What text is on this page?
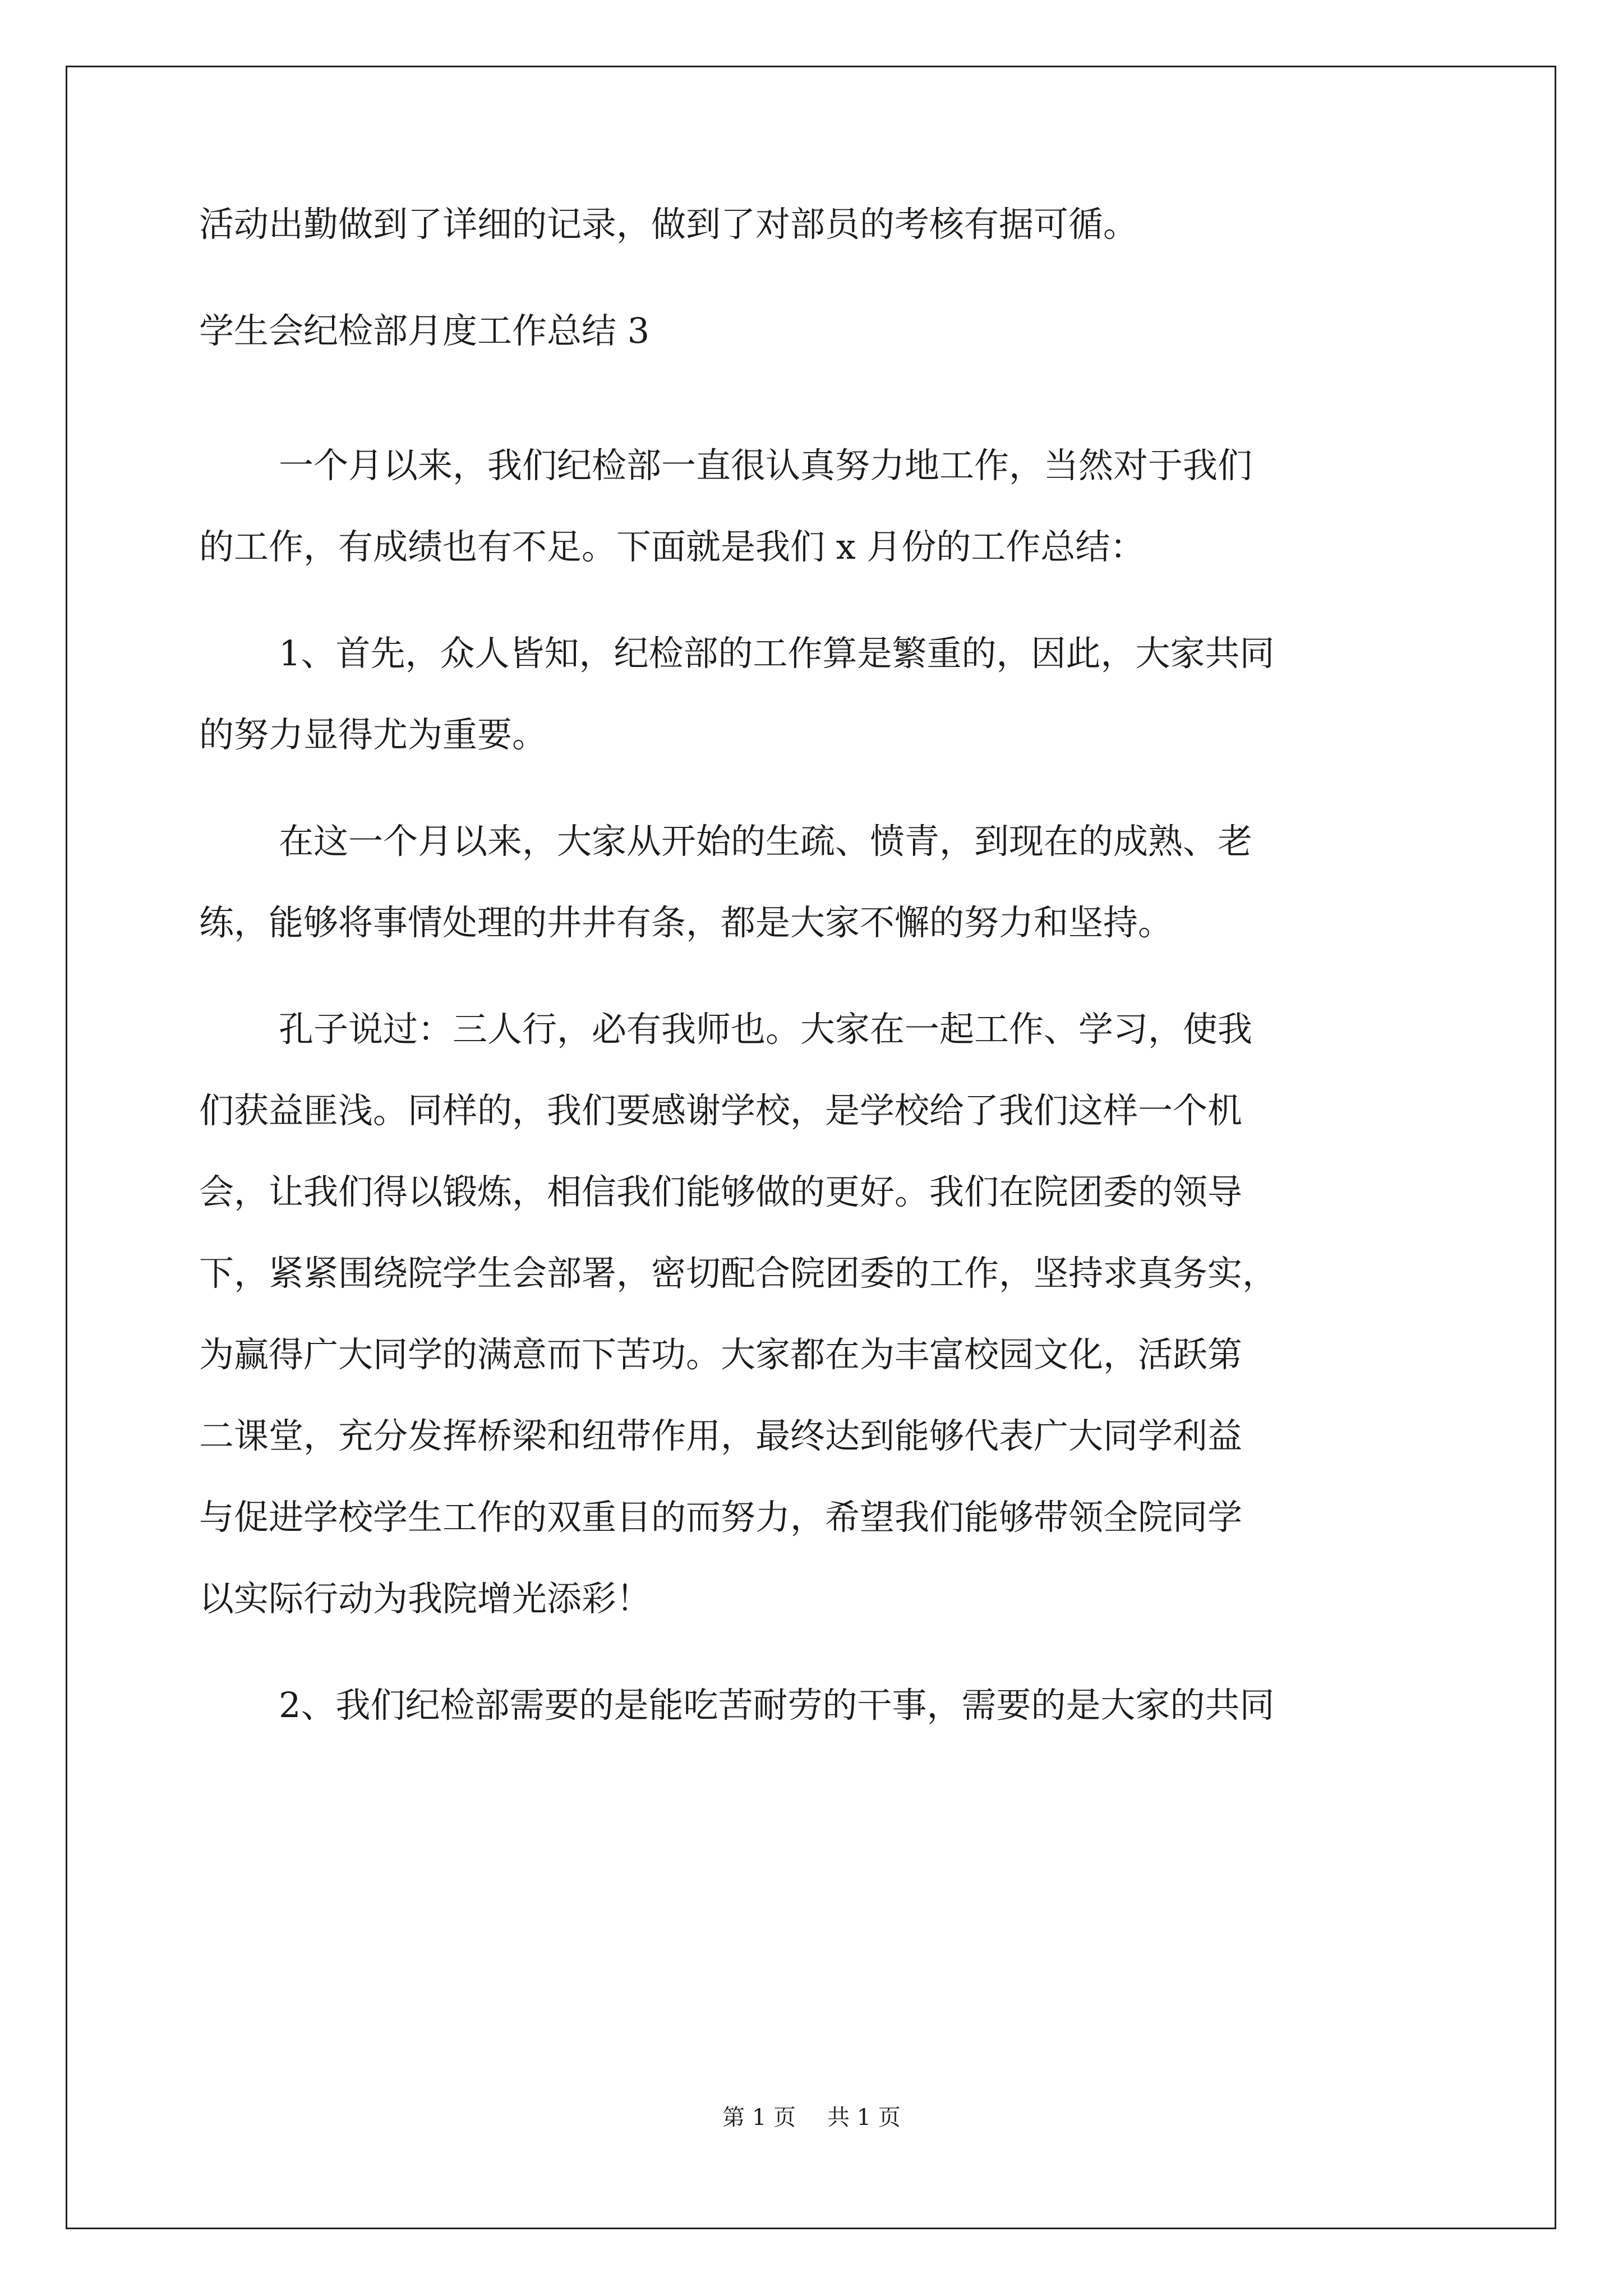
活动出勤做到了详细的记录，做到了对部员的考核有据可循。

学生会纪检部月度工作总结 3

一个月以来，我们纪检部一直很认真努力地工作，当然对于我们

的工作，有成绩也有不足。下面就是我们 x 月份的工作总结：

1、首先，众人皆知，纪检部的工作算是繁重的，因此，大家共同

的努力显得尤为重要。

在这一个月以来，大家从开始的生疏、愤青，到现在的成熟、老

练，能够将事情处理的井井有条，都是大家不懈的努力和坚持。

孔子说过：三人行，必有我师也。大家在一起工作、学习，使我

们获益匪浅。同样的，我们要感谢学校，是学校给了我们这样一个机

会，让我们得以锻炼，相信我们能够做的更好。我们在院团委的领导

下，紧紧围绕院学生会部署，密切配合院团委的工作，坚持求真务实，

为赢得广大同学的满意而下苦功。大家都在为丰富校园文化，活跃第

二课堂，充分发挥桥梁和纽带作用，最终达到能够代表广大同学利益

与促进学校学生工作的双重目的而努力，希望我们能够带领全院同学

以实际行动为我院增光添彩！

2、我们纪检部需要的是能吃苦耐劳的干事，需要的是大家的共同

第 1 页 共 1 页
